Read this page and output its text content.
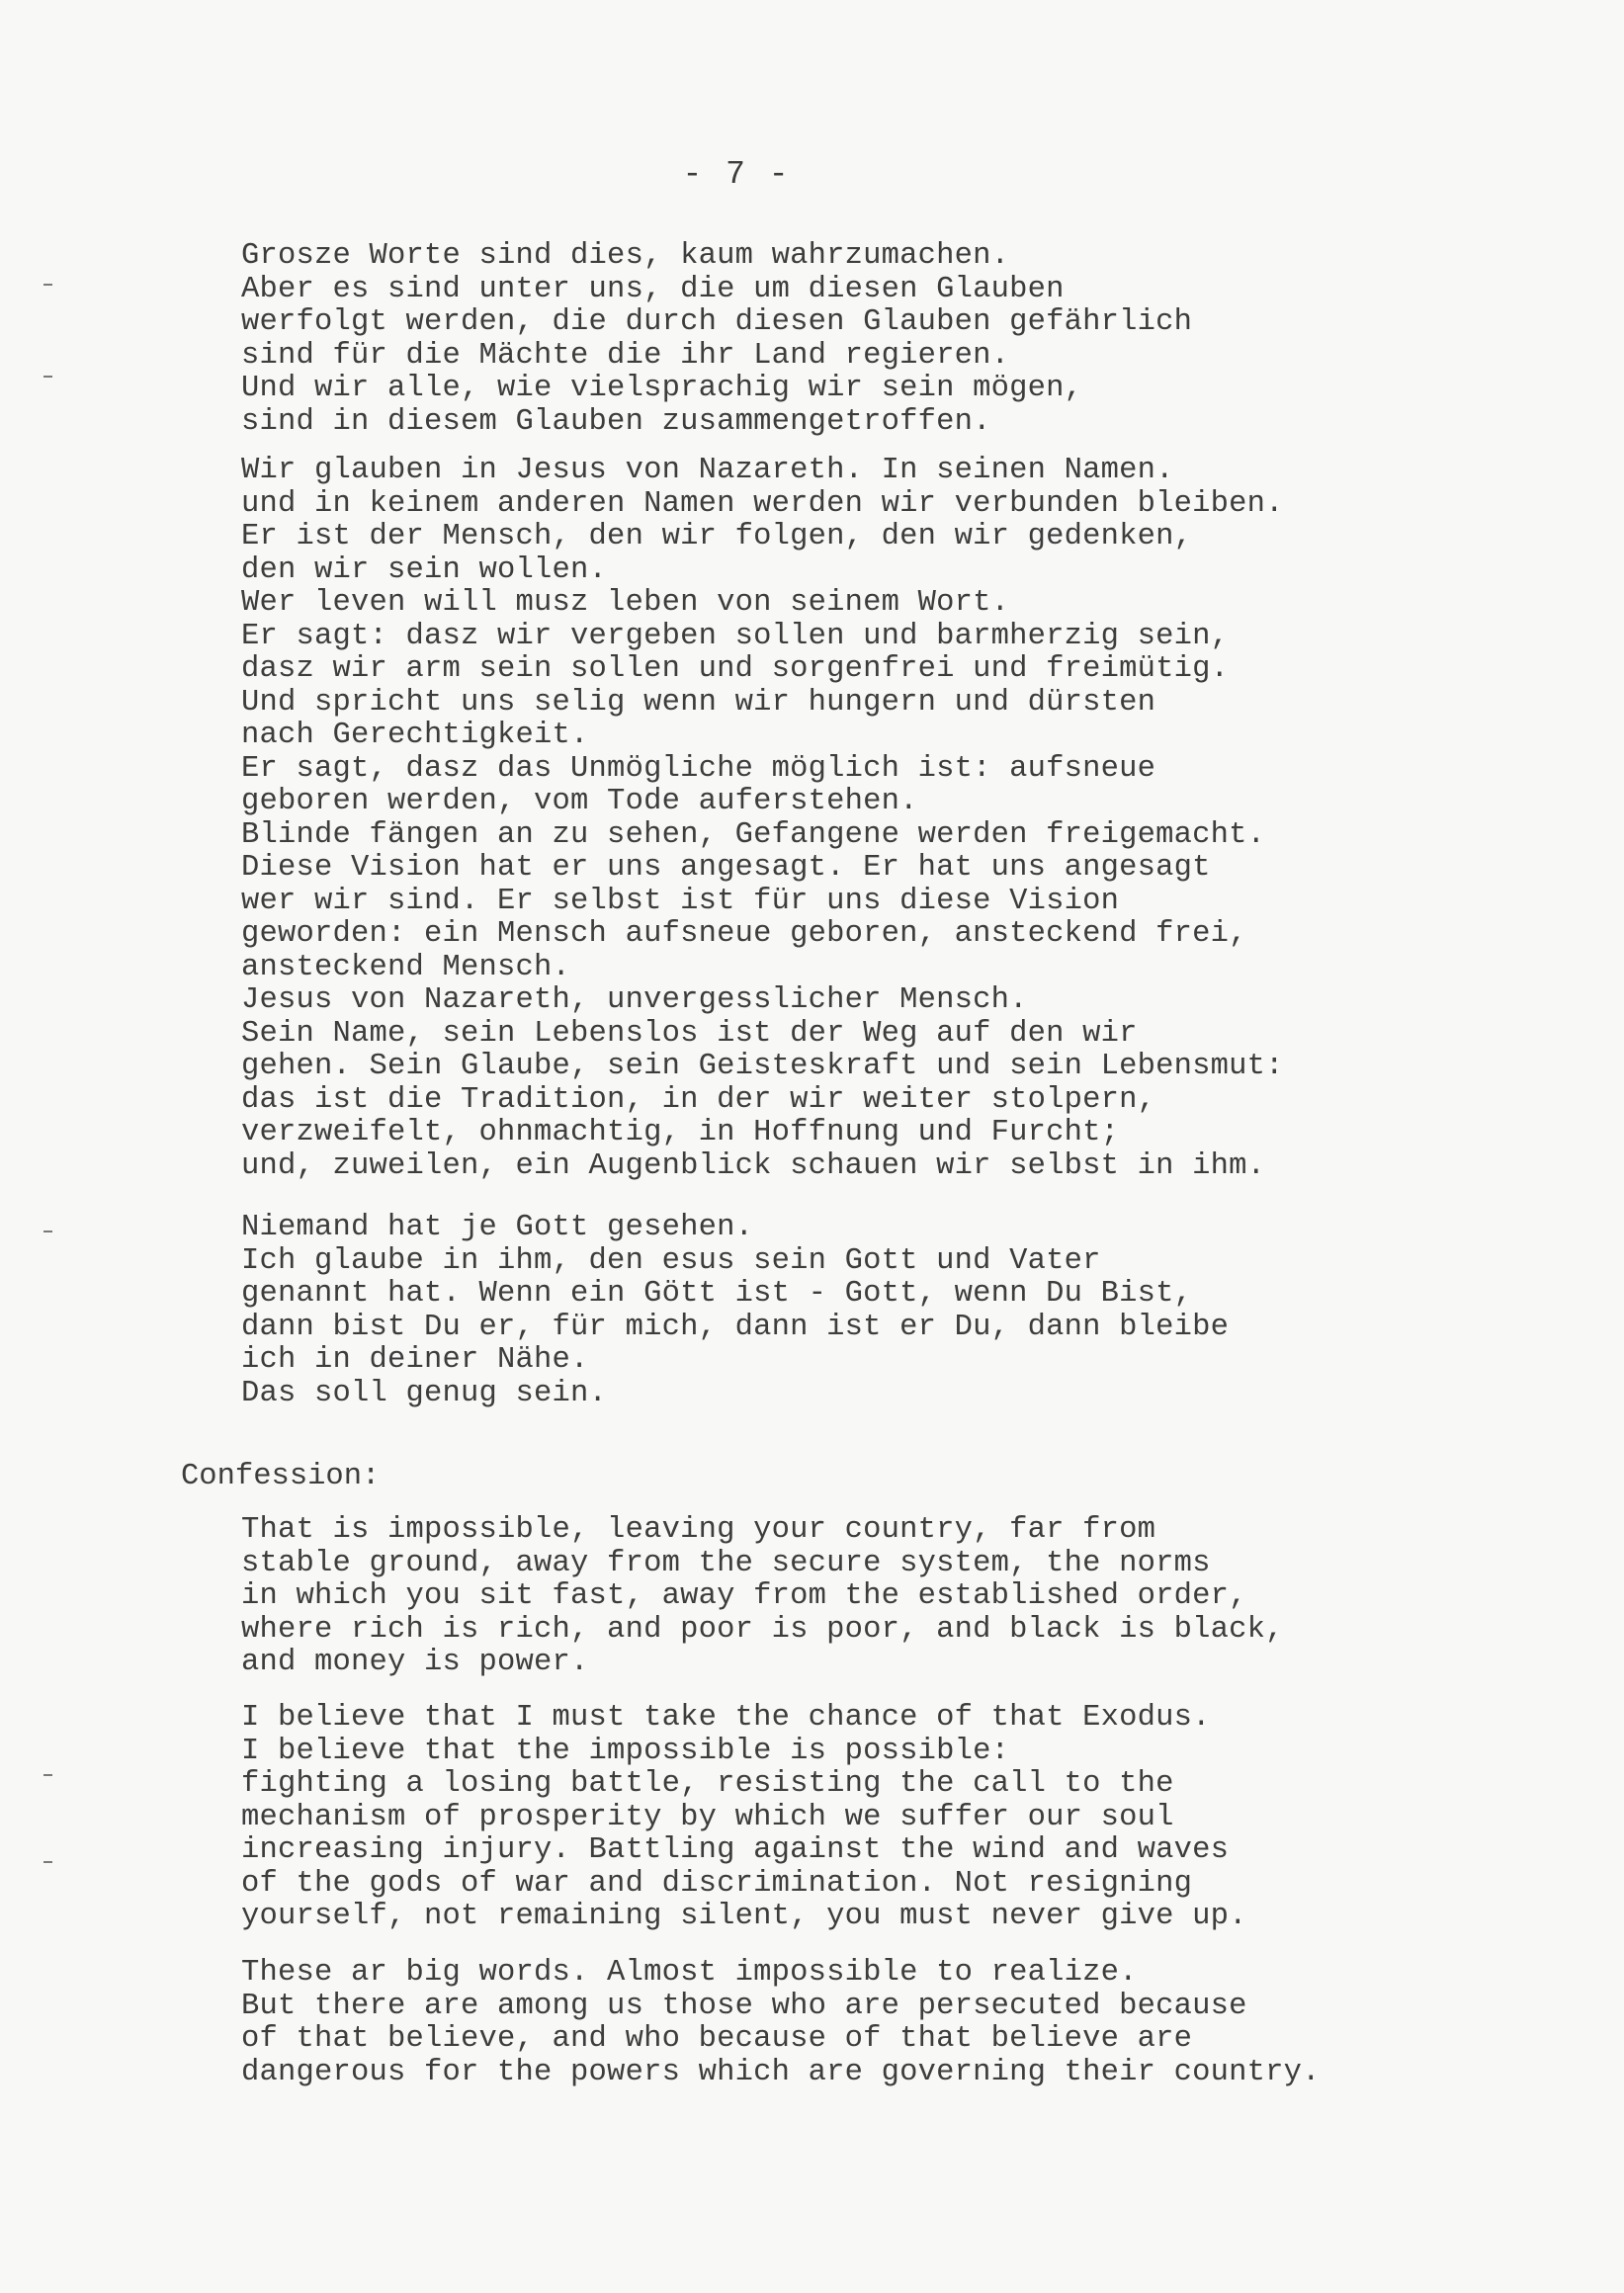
- 7 -

Grosze Worte sind dies, kaum wahrzumachen.
Aber es sind unter uns, die um diesen Glauben
werfolgt werden, die durch diesen Glauben gefährlich
sind für die Mächte die ihr Land regieren.
Und wir alle, wie vielsprachig wir sein mögen,
sind in diesem Glauben zusammengetroffen.

Wir glauben in Jesus von Nazareth. In seinen Namen.
und in keinem anderen Namen werden wir verbunden bleiben.
Er ist der Mensch, den wir folgen, den wir gedenken,
den wir sein wollen.
Wer leven will musz leben von seinem Wort.
Er sagt: dasz wir vergeben sollen und barmherzig sein,
dasz wir arm sein sollen und sorgenfrei und freimütig.
Und spricht uns selig wenn wir hungern und dürsten
nach Gerechtigkeit.
Er sagt, dasz das Unmögliche möglich ist: aufsneue
geboren werden, vom Tode auferstehen.
Blinde fängen an zu sehen, Gefangene werden freigemacht.
Diese Vision hat er uns angesagt. Er hat uns angesagt
wer wir sind. Er selbst ist für uns diese Vision
geworden: ein Mensch aufsneue geboren, ansteckend frei,
ansteckend Mensch.
Jesus von Nazareth, unvergesslicher Mensch.
Sein Name, sein Lebenslos ist der Weg auf den wir
gehen. Sein Glaube, sein Geisteskraft und sein Lebensmut:
das ist die Tradition, in der wir weiter stolpern,
verzweifelt, ohnmachtig, in Hoffnung und Furcht;
und, zuweilen, ein Augenblick schauen wir selbst in ihm.

Niemand hat je Gott gesehen.
Ich glaube in ihm, den esus sein Gott und Vater
genannt hat. Wenn ein Gött ist - Gott, wenn Du Bist,
dann bist Du er, für mich, dann ist er Du, dann bleibe
ich in deiner Nähe.
Das soll genug sein.

Confession:

That is impossible, leaving your country, far from
stable ground, away from the secure system, the norms
in which you sit fast, away from the established order,
where rich is rich, and poor is poor, and black is black,
and money is power.

I believe that I must take the chance of that Exodus.
I believe that the impossible is possible:
fighting a losing battle, resisting the call to the
mechanism of prosperity by which we suffer our soul
increasing injury. Battling against the wind and waves
of the gods of war and discrimination. Not resigning
yourself, not remaining silent, you must never give up.

These ar big words. Almost impossible to realize.
But there are among us those who are persecuted because
of that believe, and who because of that believe are
dangerous for the powers which are governing their country.
